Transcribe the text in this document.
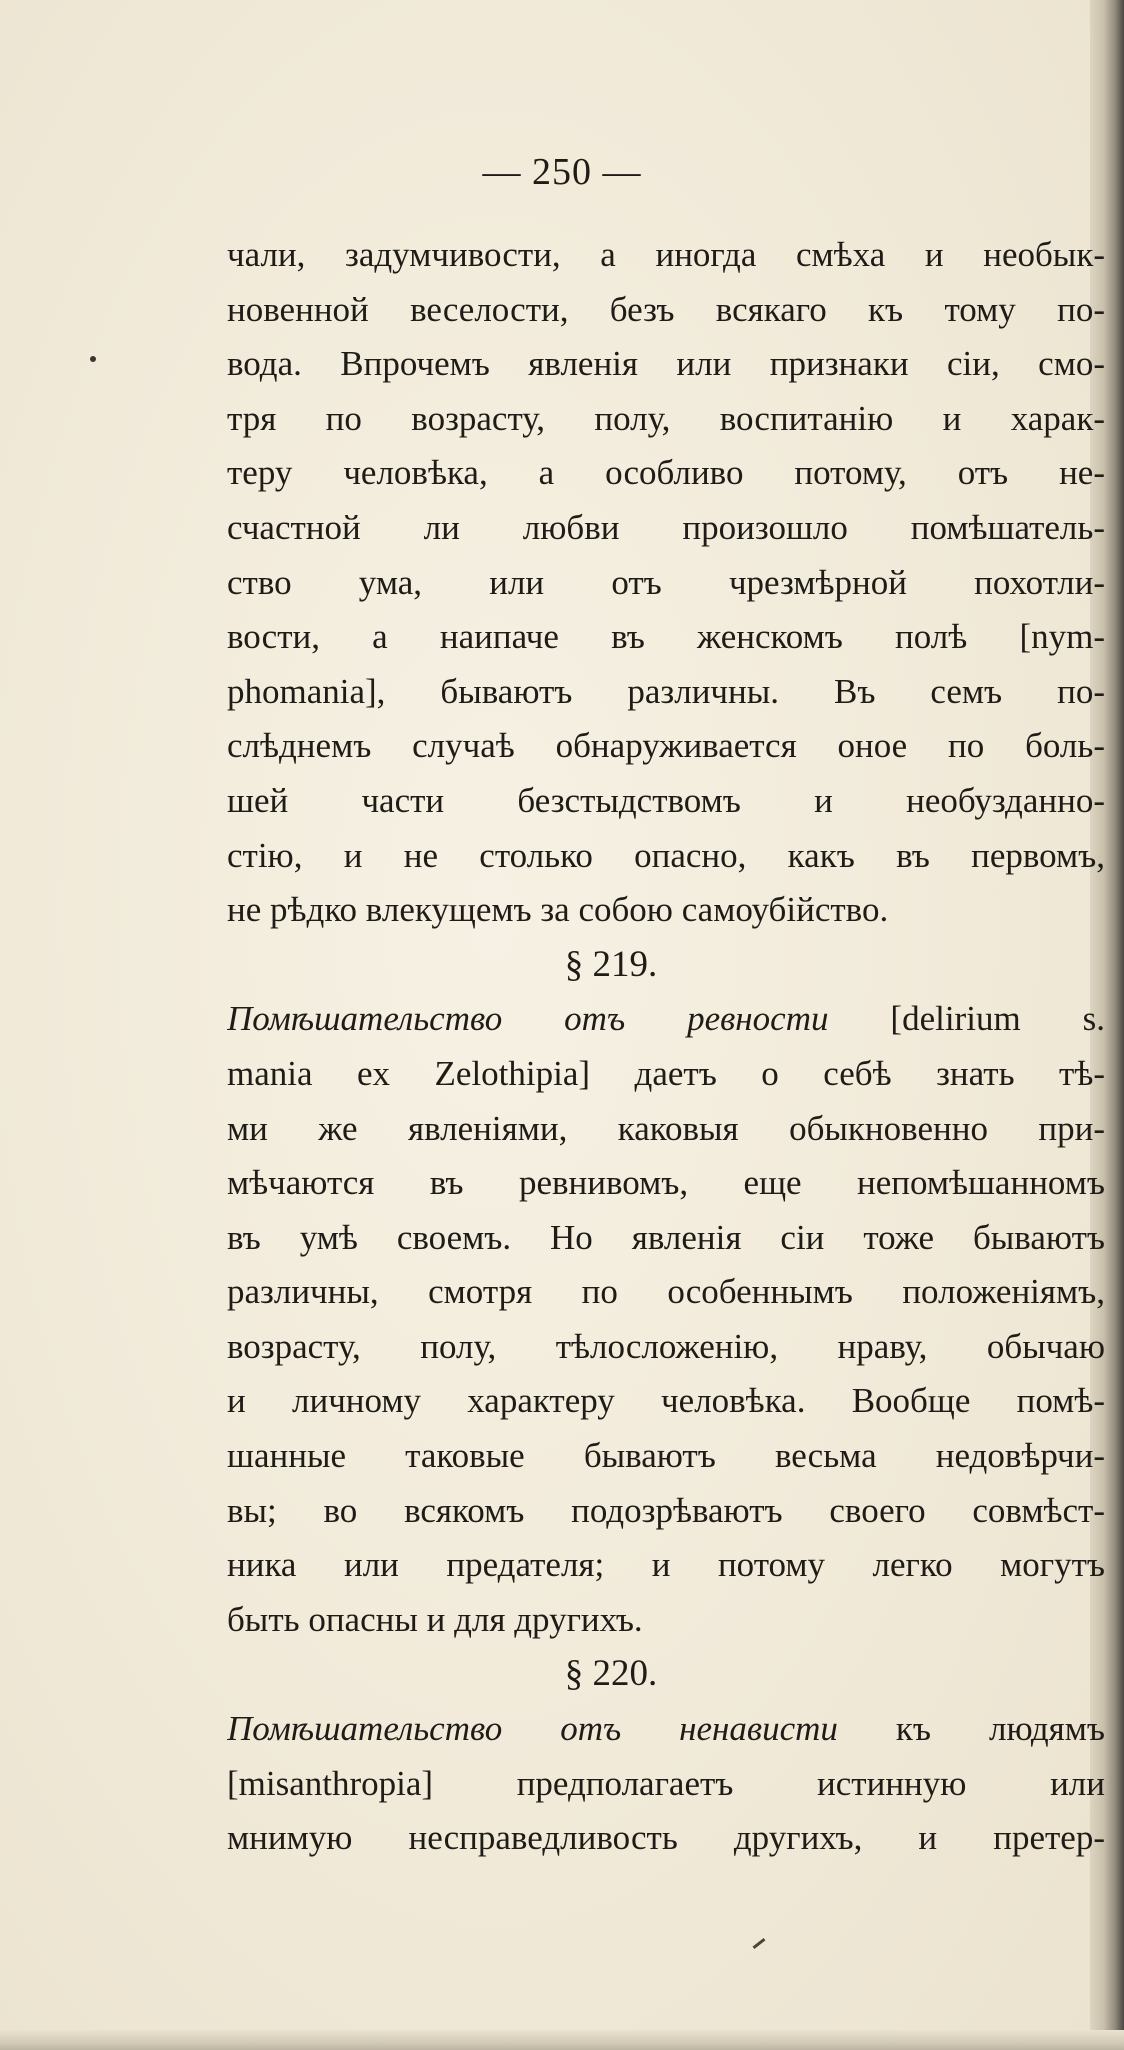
— 250 —
чали, задумчивости, а иногда смѣха и необык-
новенной веселости, безъ всякаго къ тому по-
вода. Впрочемъ явленія или признаки сіи, смо-
тря по возрасту, полу, воспитанію и харак-
теру человѣка, а особливо потому, отъ не-
счастной ли любви произошло помѣшатель-
ство ума, или отъ чрезмѣрной похотли-
вости, а наипаче въ женскомъ полѣ [nym-
phomania], бываютъ различны. Въ семъ по-
слѣднемъ случаѣ обнаруживается оное по боль-
шей части безстыдствомъ и необузданно-
стію, и не столько опасно, какъ въ первомъ,
не рѣдко влекущемъ за собою самоубійство.
§ 219.
Помѣшательство отъ ревности [delirium s.
mania ex Zelothipia] даетъ о себѣ знать тѣ-
ми же явленіями, каковыя обыкновенно при-
мѣчаются въ ревнивомъ, еще непомѣшанномъ
въ умѣ своемъ. Но явленія сіи тоже бываютъ
различны, смотря по особеннымъ положеніямъ,
возрасту, полу, тѣлосложенію, нраву, обычаю
и личному характеру человѣка. Вообще помѣ-
шанные таковые бываютъ весьма недовѣрчи-
вы; во всякомъ подозрѣваютъ своего совмѣст-
ника или предателя; и потому легко могутъ
быть опасны и для другихъ.
§ 220.
Помѣшательство отъ ненависти къ людямъ
[misanthropia] предполагаетъ истинную или
мнимую несправедливость другихъ, и претер-
